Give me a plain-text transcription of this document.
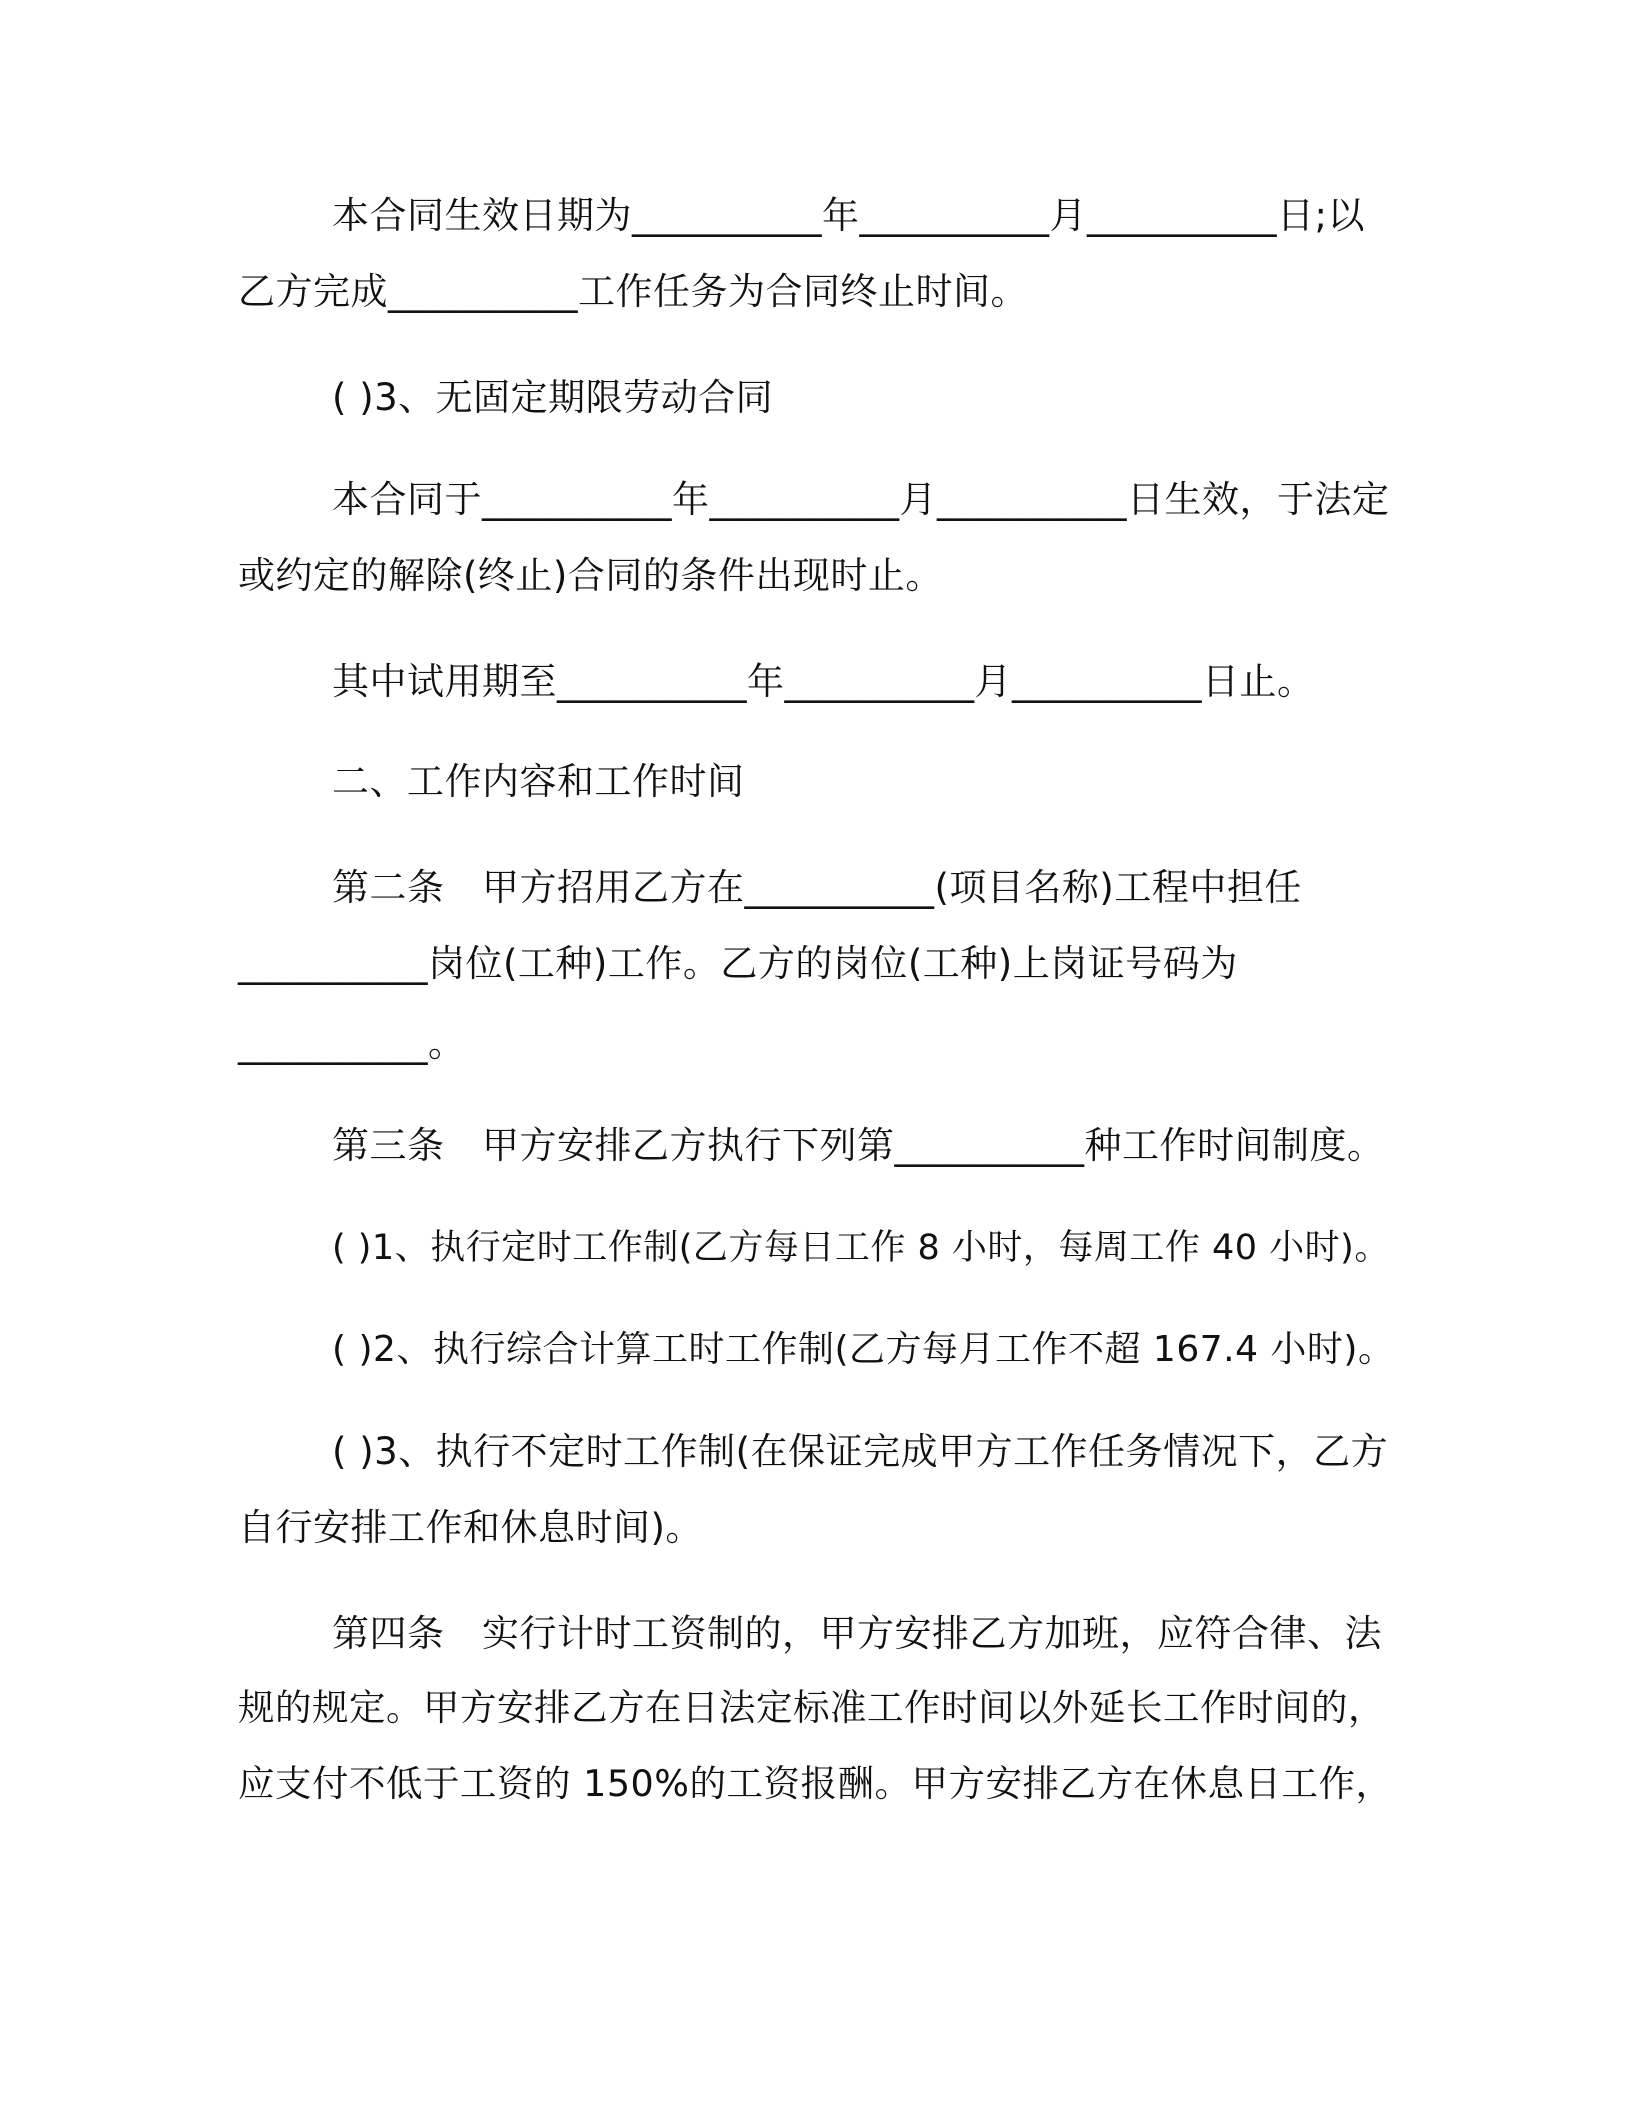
本合同生效日期为__________年__________月__________日;以
乙方完成__________工作任务为合同终止时间。
( )3、无固定期限劳动合同
本合同于__________年__________月__________日生效，于法定
或约定的解除(终止)合同的条件出现时止。
其中试用期至__________年__________月__________日止。
二、工作内容和工作时间
第二条　甲方招用乙方在__________(项目名称)工程中担任
__________岗位(工种)工作。乙方的岗位(工种)上岗证号码为
__________。
第三条　甲方安排乙方执行下列第__________种工作时间制度。
( )1、执行定时工作制(乙方每日工作 8 小时，每周工作 40 小时)。
( )2、执行综合计算工时工作制(乙方每月工作不超 167.4 小时)。
( )3、执行不定时工作制(在保证完成甲方工作任务情况下，乙方
自行安排工作和休息时间)。
第四条　实行计时工资制的，甲方安排乙方加班，应符合律、法
规的规定。甲方安排乙方在日法定标准工作时间以外延长工作时间的，
应支付不低于工资的 150%的工资报酬。甲方安排乙方在休息日工作，
